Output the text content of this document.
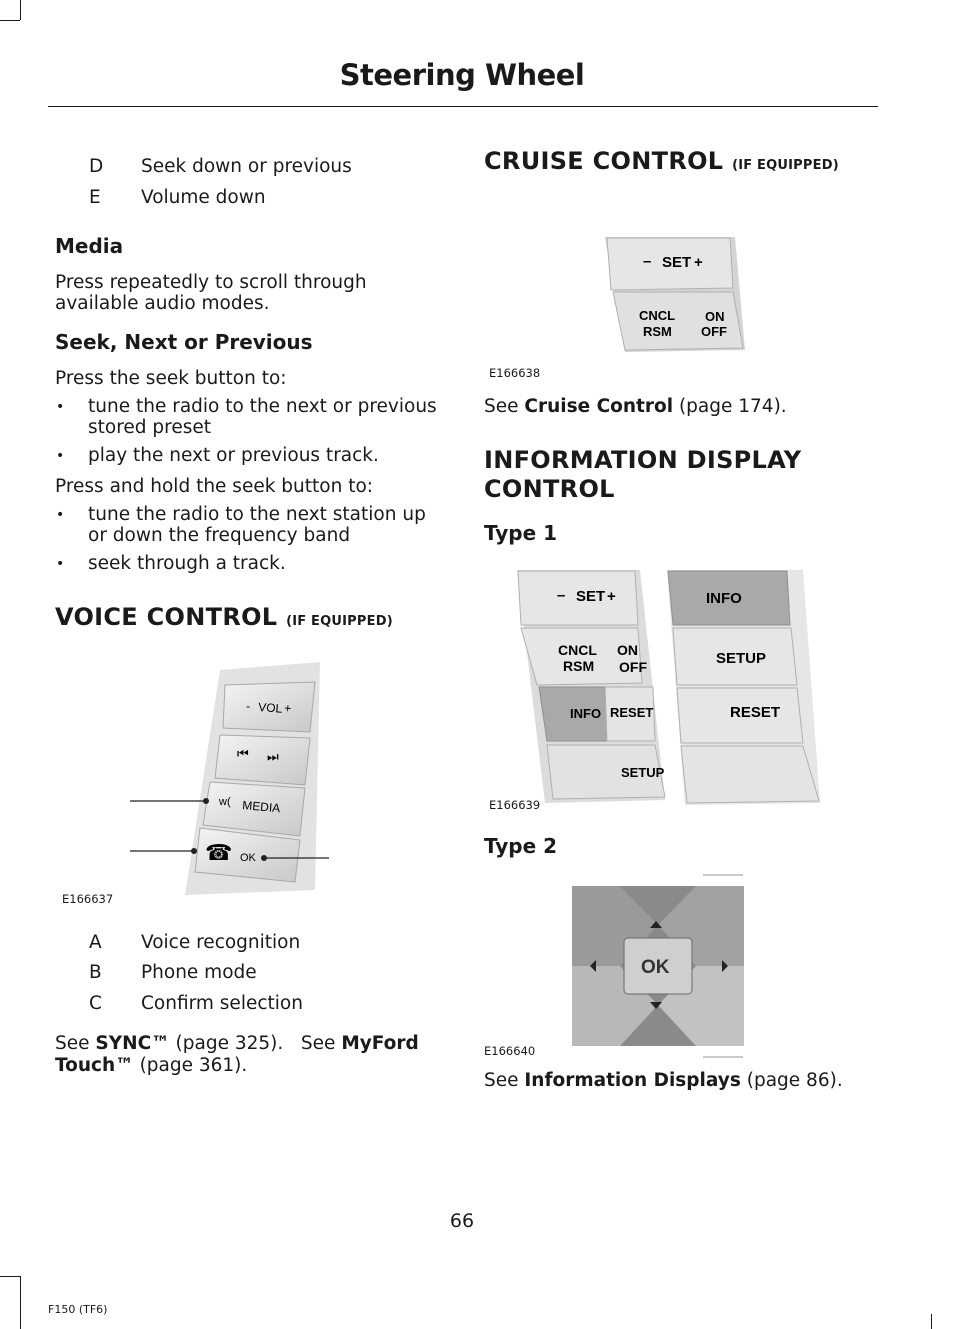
Steering Wheel
D	Seek down or previous
E	Volume down
Media
Press repeatedly to scroll through available audio modes.
Seek, Next or Previous
Press the seek button to:
• tune the radio to the next or previous stored preset
• play the next or previous track.
Press and hold the seek button to:
• tune the radio to the next station up or down the frequency band
• seek through a track.
VOICE CONTROL (IF EQUIPPED)
- VOL +
⏮ ⏭
w( MEDIA
☎ OK
E166637
A	Voice recognition
B	Phone mode
C	Confirm selection
See SYNC™ (page 325). See MyFord
Touch™ (page 361).
CRUISE CONTROL (IF EQUIPPED)
– SET +
CNCL
RSM
ON
OFF
E166638
See Cruise Control (page 174).
INFORMATION DISPLAY
CONTROL
Type 1
– SET +
CNCL
RSM
ON
OFF
INFO RESET
SETUP
INFO
SETUP
RESET
E166639
Type 2
OK
E166640
See Information Displays (page 86).
66
F150 (TF6)
